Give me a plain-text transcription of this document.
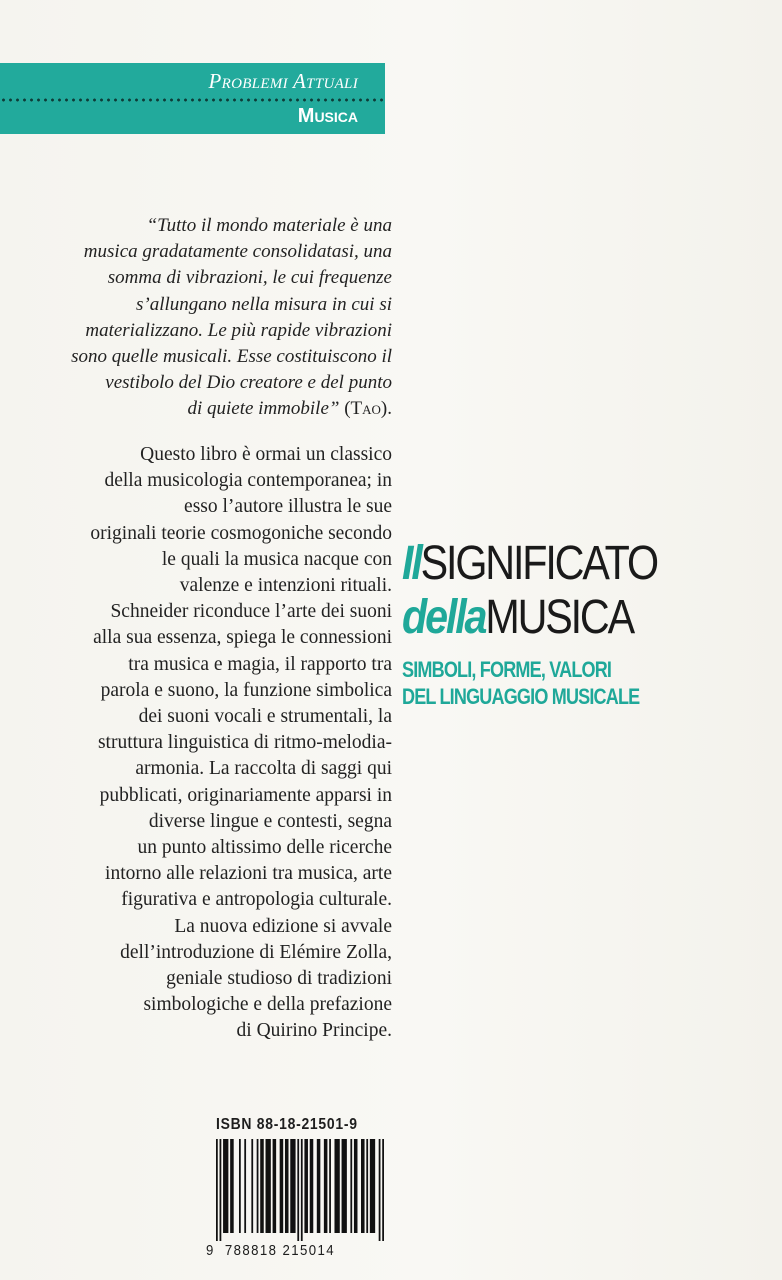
Problemi Attuali
Musica
“Tutto il mondo materiale è una
musica gradatamente consolidatasi, una
somma di vibrazioni, le cui frequenze
s’allungano nella misura in cui si
materializzano. Le più rapide vibrazioni
sono quelle musicali. Esse costituiscono il
vestibolo del Dio creatore e del punto
di quiete immobile” (Tao).

Questo libro è ormai un classico

della musicologia contemporanea; in

esso l’autore illustra le sue

originali teorie cosmogoniche secondo

le quali la musica nacque con

valenze e intenzioni rituali.

Schneider riconduce l’arte dei suoni

alla sua essenza, spiega le connessioni

tra musica e magia, il rapporto tra

parola e suono, la funzione simbolica

dei suoni vocali e strumentali, la

struttura linguistica di ritmo-melodia-

armonia. La raccolta di saggi qui

pubblicati, originariamente apparsi in

diverse lingue e contesti, segna

un punto altissimo delle ricerche

intorno alle relazioni tra musica, arte

figurativa e antropologia culturale.

La nuova edizione si avvale

dell’introduzione di Elémire Zolla,

geniale studioso di tradizioni

simbologiche e della prefazione

di Quirino Principe.

IlSIGNIFICATO
dellaMUSICA
SIMBOLI, FORME, VALORI
DEL LINGUAGGIO MUSICALE
ISBN 88-18-21501-9
9 788818 215014
